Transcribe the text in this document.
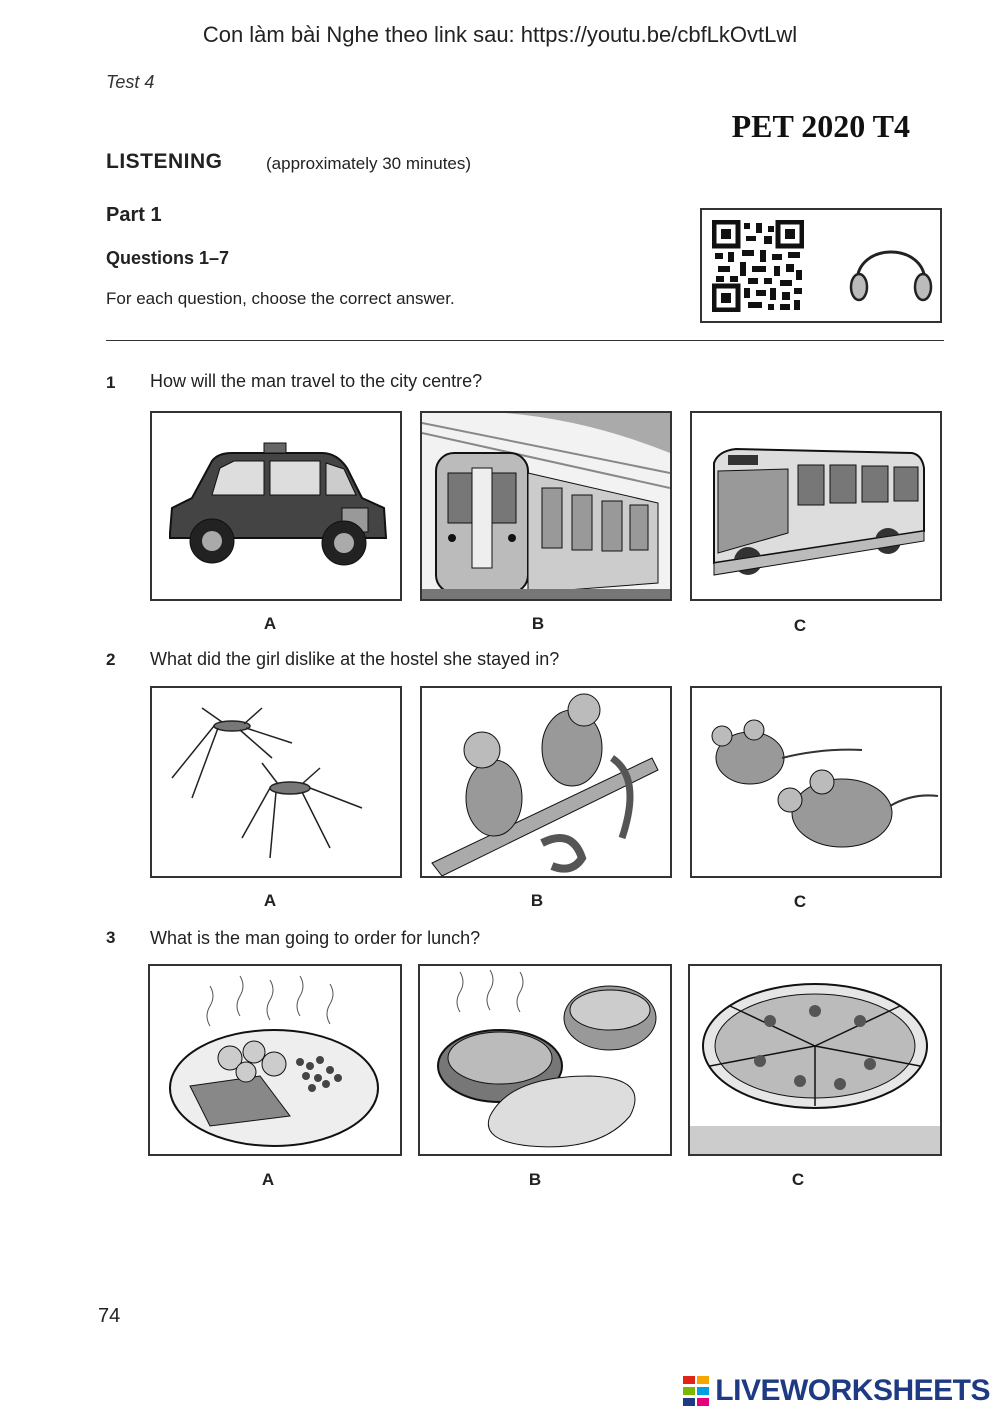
Con làm bài Nghe theo link sau: https://youtu.be/cbfLkOvtLwl
Test 4
PET 2020 T4
LISTENING	(approximately 30 minutes)
Part 1
Questions 1–7
For each question, choose the correct answer.
1 How will the man travel to the city centre?
A	B	C
2 What did the girl dislike at the hostel she stayed in?
A	B	C
3 What is the man going to order for lunch?
A	B	C
74
LIVEWORKSHEETS
